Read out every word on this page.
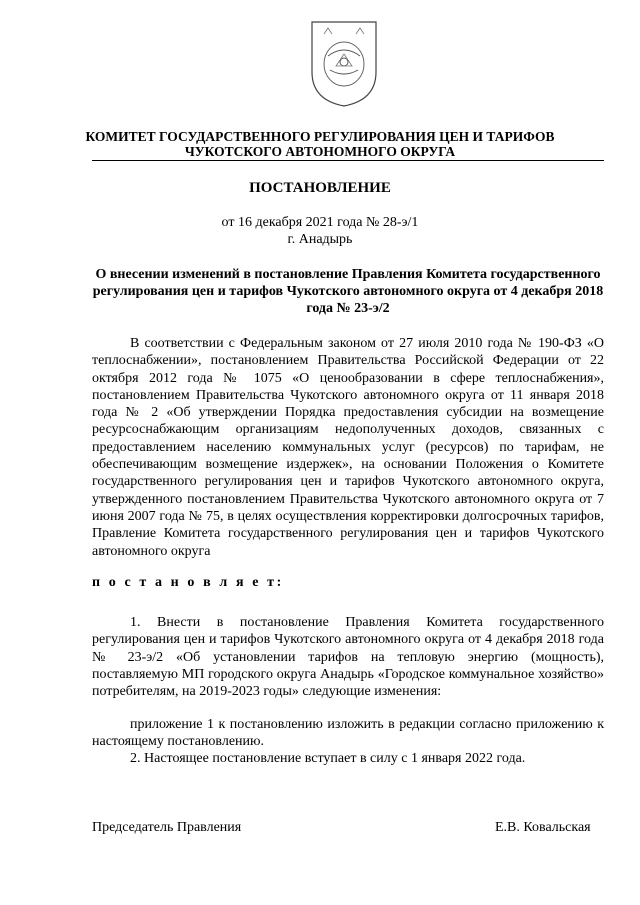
КОМИТЕТ ГОСУДАРСТВЕННОГО РЕГУЛИРОВАНИЯ ЦЕН И ТАРИФОВ
ЧУКОТСКОГО АВТОНОМНОГО ОКРУГА
ПОСТАНОВЛЕНИЕ
от 16 декабря 2021 года № 28-э/1
г. Анадырь
О внесении изменений в постановление Правления Комитета государственного регулирования цен и тарифов Чукотского автономного округа от 4 декабря 2018 года № 23-э/2
В соответствии с Федеральным законом от 27 июля 2010 года № 190-ФЗ «О теплоснабжении», постановлением Правительства Российской Федерации от 22 октября 2012 года № 1075 «О ценообразовании в сфере теплоснабжения», постановлением Правительства Чукотского автономного округа от 11 января 2018 года № 2 «Об утверждении Порядка предоставления субсидии на возмещение ресурсоснабжающим организациям недополученных доходов, связанных с предоставлением населению коммунальных услуг (ресурсов) по тарифам, не обеспечивающим возмещение издержек», на основании Положения о Комитете государственного регулирования цен и тарифов Чукотского автономного округа, утвержденного постановлением Правительства Чукотского автономного округа от 7 июня 2007 года № 75, в целях осуществления корректировки долгосрочных тарифов, Правление Комитета государственного регулирования цен и тарифов Чукотского автономного округа
п о с т а н о в л я е т:
1. Внести в постановление Правления Комитета государственного регулирования цен и тарифов Чукотского автономного округа от 4 декабря 2018 года № 23-э/2 «Об установлении тарифов на тепловую энергию (мощность), поставляемую МП городского округа Анадырь «Городское коммунальное хозяйство» потребителям, на 2019-2023 годы» следующие изменения:
приложение 1 к постановлению изложить в редакции согласно приложению к настоящему постановлению.
2. Настоящее постановление вступает в силу с 1 января 2022 года.
Председатель Правления	Е.В. Ковальская
